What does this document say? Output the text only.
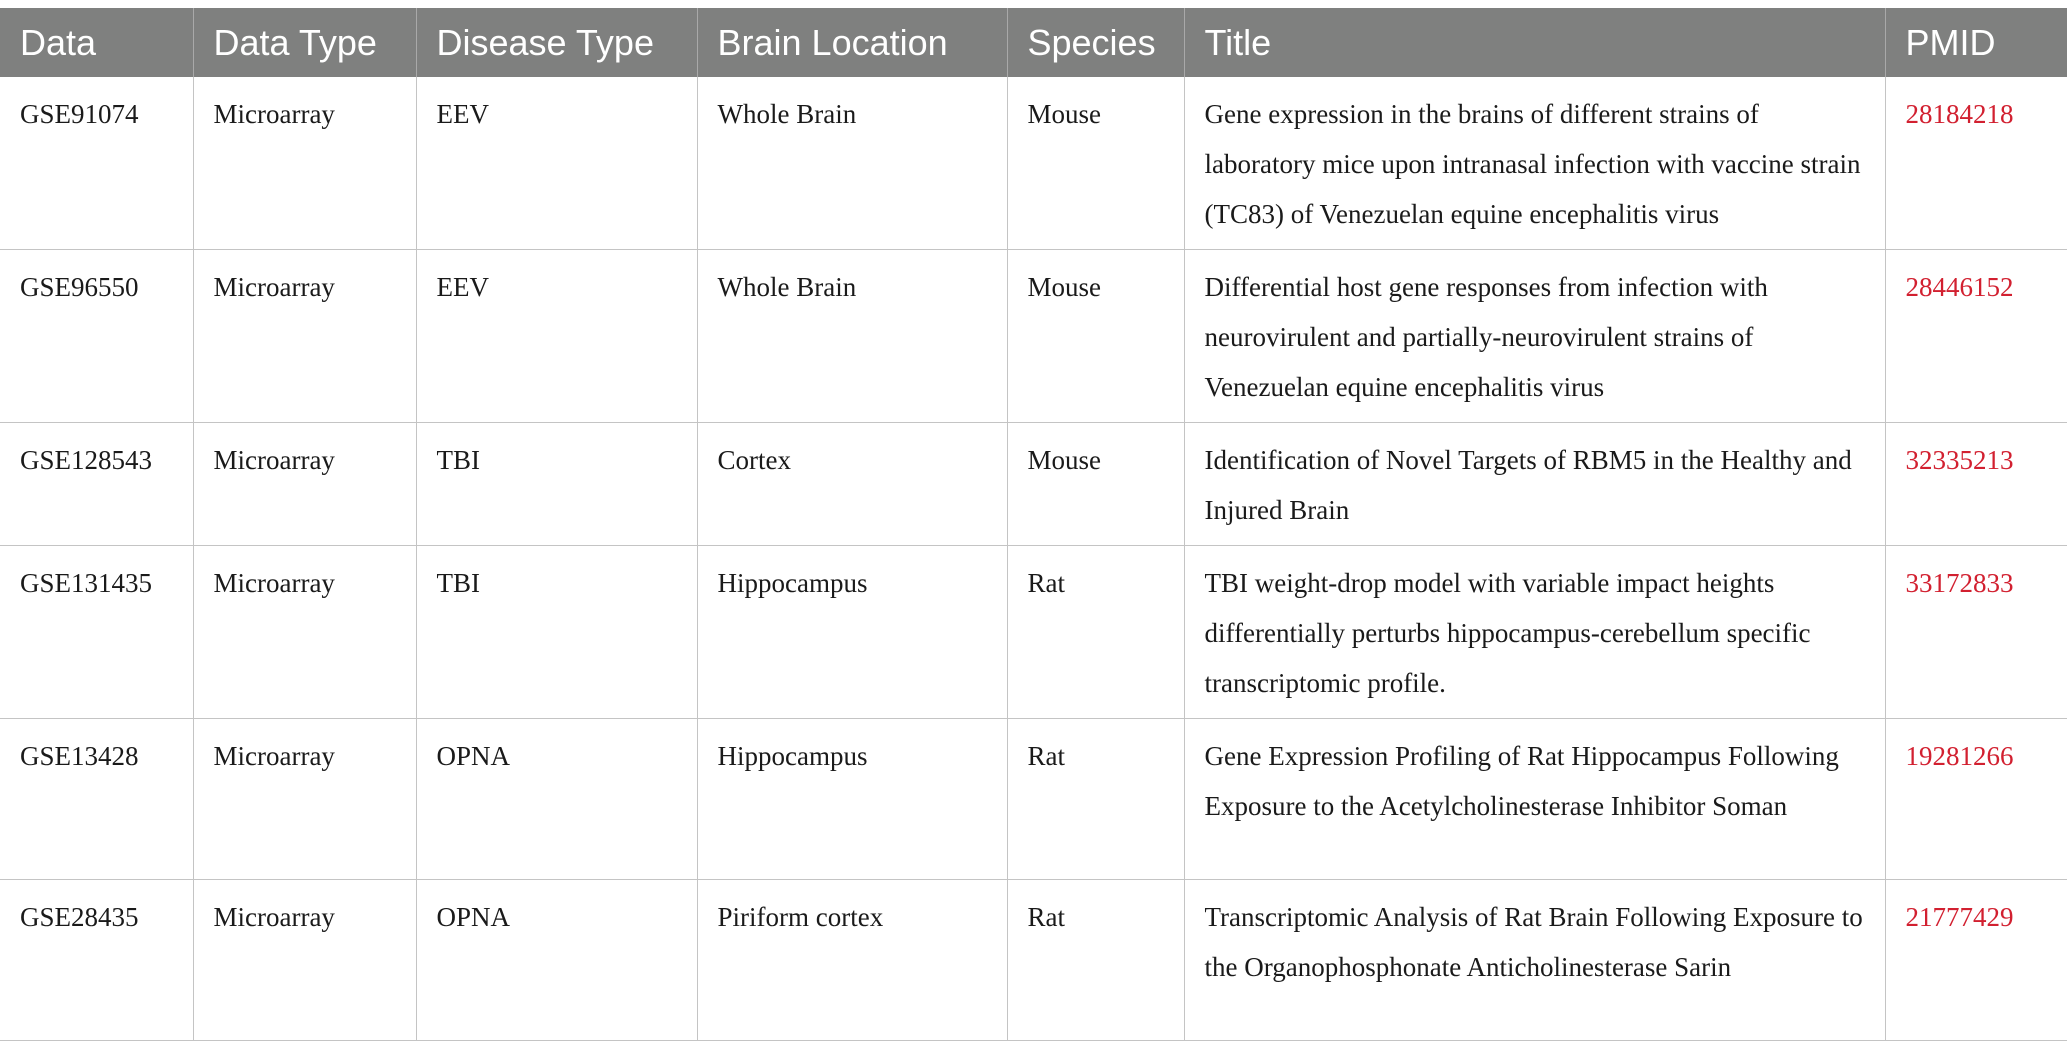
Data	Data Type	Disease Type	Brain Location	Species	Title	PMID
GSE91074	Microarray	EEV	Whole Brain	Mouse	Gene expression in the brains of different strains of laboratory mice upon intranasal infection with vaccine strain (TC83) of Venezuelan equine encephalitis virus	28184218
GSE96550	Microarray	EEV	Whole Brain	Mouse	Differential host gene responses from infection with neurovirulent and partially-neurovirulent strains of Venezuelan equine encephalitis virus	28446152
GSE128543	Microarray	TBI	Cortex	Mouse	Identification of Novel Targets of RBM5 in the Healthy and Injured Brain	32335213
GSE131435	Microarray	TBI	Hippocampus	Rat	TBI weight-drop model with variable impact heights differentially perturbs hippocampus-cerebellum specific transcriptomic profile.	33172833
GSE13428	Microarray	OPNA	Hippocampus	Rat	Gene Expression Profiling of Rat Hippocampus Following Exposure to the Acetylcholinesterase Inhibitor Soman	19281266
GSE28435	Microarray	OPNA	Piriform cortex	Rat	Transcriptomic Analysis of Rat Brain Following Exposure to the Organophosphonate Anticholinesterase Sarin	21777429
